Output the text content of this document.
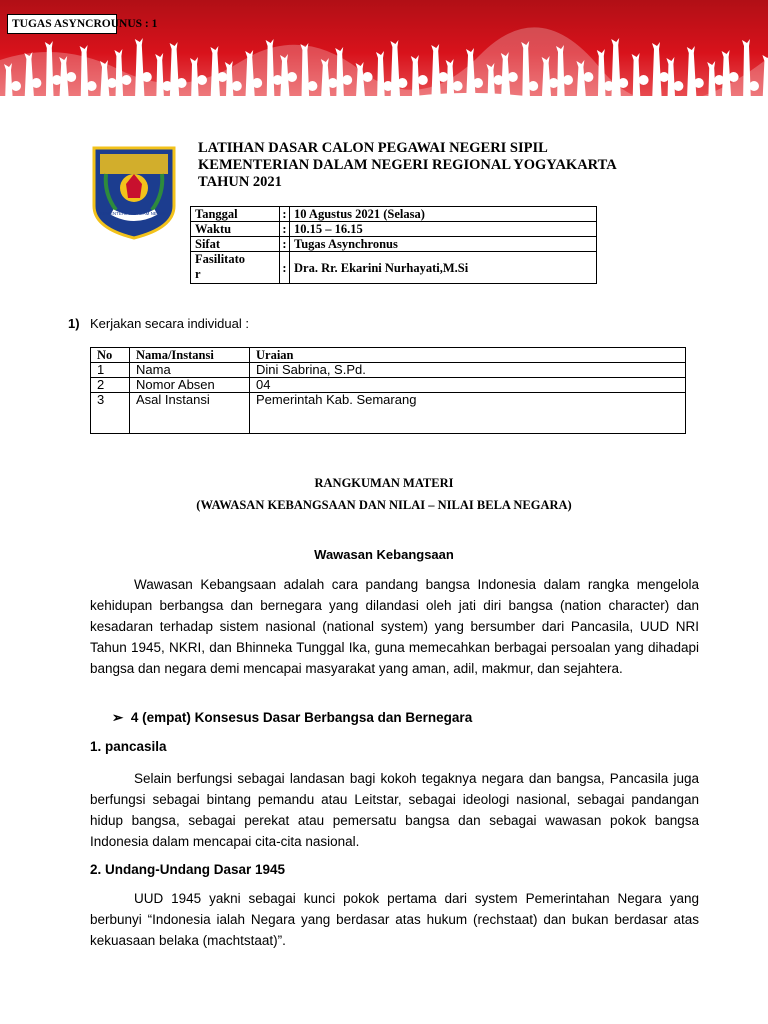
TUGAS ASYNCROUNUS : 1
KEMENTERIAN DALAM NEGERI
LATIHAN DASAR CALON PEGAWAI NEGERI SIPIL
KEMENTERIAN DALAM NEGERI REGIONAL YOGYAKARTA
TAHUN 2021
Tanggal	:	10 Agustus 2021 (Selasa)
Waktu	:	10.15 – 16.15
Sifat	:	Tugas Asynchronus
Fasilitato
r	:	Dra. Rr. Ekarini Nurhayati,M.Si
1) Kerjakan secara individual :
No	Nama/Instansi	Uraian
1	Nama	Dini Sabrina, S.Pd.
2	Nomor Absen	04
3	Asal Instansi	Pemerintah Kab. Semarang
RANGKUMAN MATERI
(WAWASAN KEBANGSAAN DAN NILAI – NILAI BELA NEGARA)
Wawasan Kebangsaan
Wawasan Kebangsaan adalah cara pandang bangsa Indonesia dalam rangka mengelola kehidupan berbangsa dan bernegara yang dilandasi oleh jati diri bangsa (nation character) dan kesadaran terhadap sistem nasional (national system) yang bersumber dari Pancasila, UUD NRI Tahun 1945, NKRI, dan Bhinneka Tunggal Ika, guna memecahkan berbagai persoalan yang dihadapi bangsa dan negara demi mencapai masyarakat yang aman, adil, makmur, dan sejahtera.
➢ 4 (empat) Konsesus Dasar Berbangsa dan Bernegara
1. pancasila
Selain berfungsi sebagai landasan bagi kokoh tegaknya negara dan bangsa, Pancasila juga berfungsi sebagai bintang pemandu atau Leitstar, sebagai ideologi nasional, sebagai pandangan hidup bangsa, sebagai perekat atau pemersatu bangsa dan sebagai wawasan pokok bangsa Indonesia dalam mencapai cita-cita nasional.
2. Undang-Undang Dasar 1945
UUD 1945 yakni sebagai kunci pokok pertama dari system Pemerintahan Negara yang berbunyi “Indonesia ialah Negara yang berdasar atas hukum (rechstaat) dan bukan berdasar atas kekuasaan belaka (machtstaat)”.
